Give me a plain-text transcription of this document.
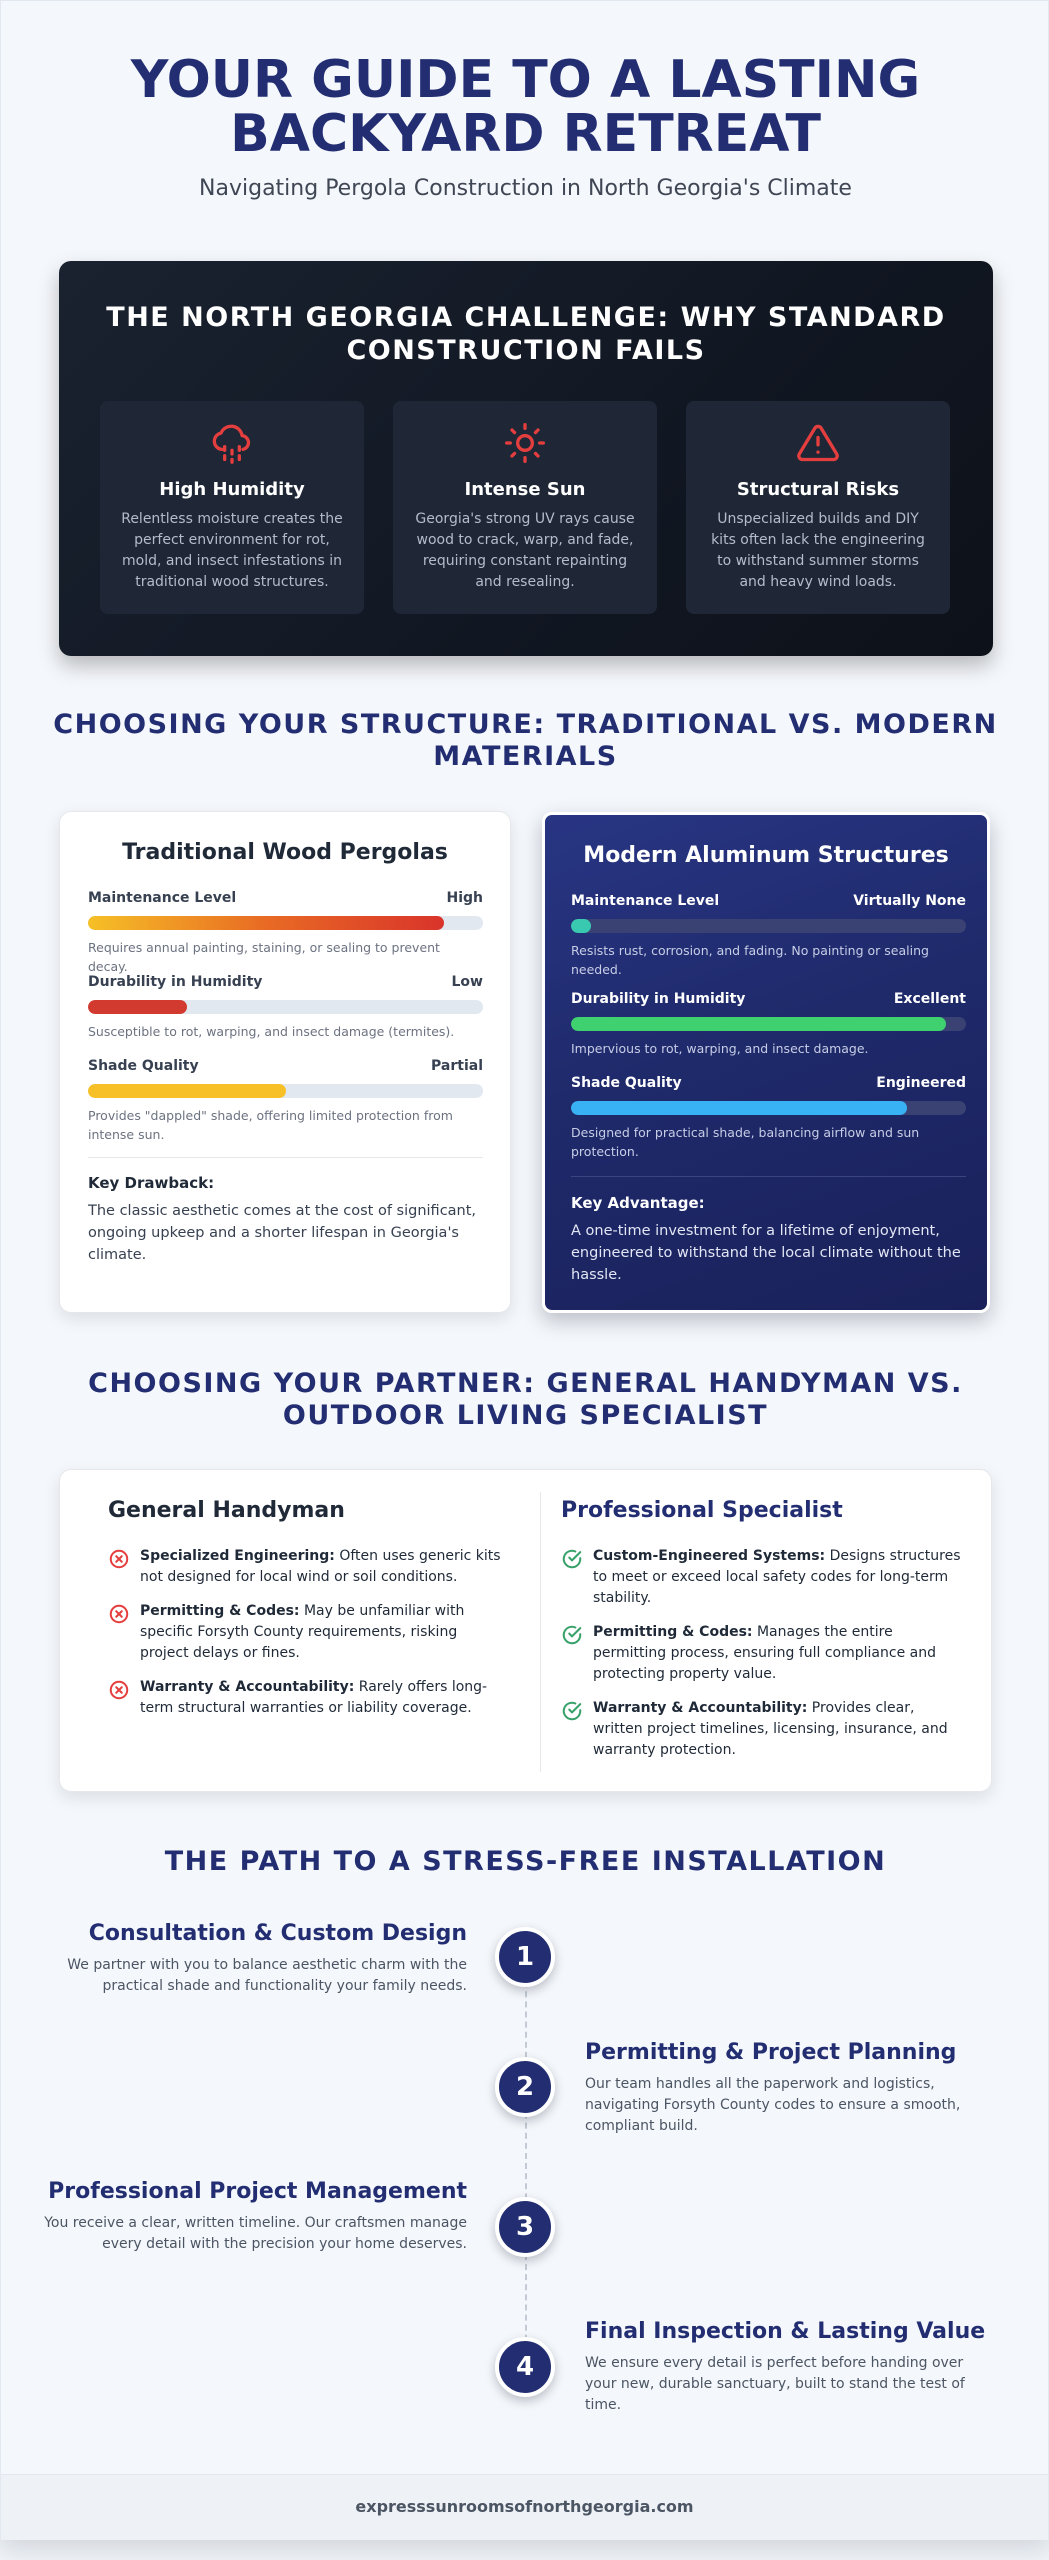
YOUR GUIDE TO A LASTING
BACKYARD RETREAT
Navigating Pergola Construction in North Georgia's Climate
THE NORTH GEORGIA CHALLENGE: WHY STANDARD
CONSTRUCTION FAILS
High Humidity

Relentless moisture creates the perfect environment for rot, mold, and insect infestations in traditional wood structures.

Intense Sun

Georgia's strong UV rays cause wood to crack, warp, and fade, requiring constant repainting and resealing.

Structural Risks

Unspecialized builds and DIY kits often lack the engineering to withstand summer storms and heavy wind loads.

CHOOSING YOUR STRUCTURE: TRADITIONAL VS. MODERN
MATERIALS
Traditional Wood Pergolas
Maintenance Level	High
Requires annual painting, staining, or sealing to prevent decay.
Durability in Humidity	Low
Susceptible to rot, warping, and insect damage (termites).
Shade Quality	Partial
Provides "dappled" shade, offering limited protection from intense sun.
Key Drawback:
The classic aesthetic comes at the cost of significant, ongoing upkeep and a shorter lifespan in Georgia's climate.
Modern Aluminum Structures
Maintenance Level	Virtually None
Resists rust, corrosion, and fading. No painting or sealing needed.
Durability in Humidity	Excellent
Impervious to rot, warping, and insect damage.
Shade Quality	Engineered
Designed for practical shade, balancing airflow and sun protection.
Key Advantage:
A one-time investment for a lifetime of enjoyment, engineered to withstand the local climate without the hassle.
CHOOSING YOUR PARTNER: GENERAL HANDYMAN VS.
OUTDOOR LIVING SPECIALIST
General Handyman

Specialized Engineering: Often uses generic kits not designed for local wind or soil conditions.

Permitting & Codes: May be unfamiliar with specific Forsyth County requirements, risking project delays or fines.

Warranty & Accountability: Rarely offers long-term structural warranties or liability coverage.

Professional Specialist

Custom-Engineered Systems: Designs structures to meet or exceed local safety codes for long-term stability.

Permitting & Codes: Manages the entire permitting process, ensuring full compliance and protecting property value.

Warranty & Accountability: Provides clear, written project timelines, licensing, insurance, and warranty protection.

THE PATH TO A STRESS-FREE INSTALLATION
1
Consultation & Custom Design
We partner with you to balance aesthetic charm with the practical shade and functionality your family needs.
2
Permitting & Project Planning
Our team handles all the paperwork and logistics, navigating Forsyth County codes to ensure a smooth, compliant build.
3
Professional Project Management
You receive a clear, written timeline. Our craftsmen manage every detail with the precision your home deserves.
4
Final Inspection & Lasting Value
We ensure every detail is perfect before handing over your new, durable sanctuary, built to stand the test of time.
expresssunroomsofnorthgeorgia.com
